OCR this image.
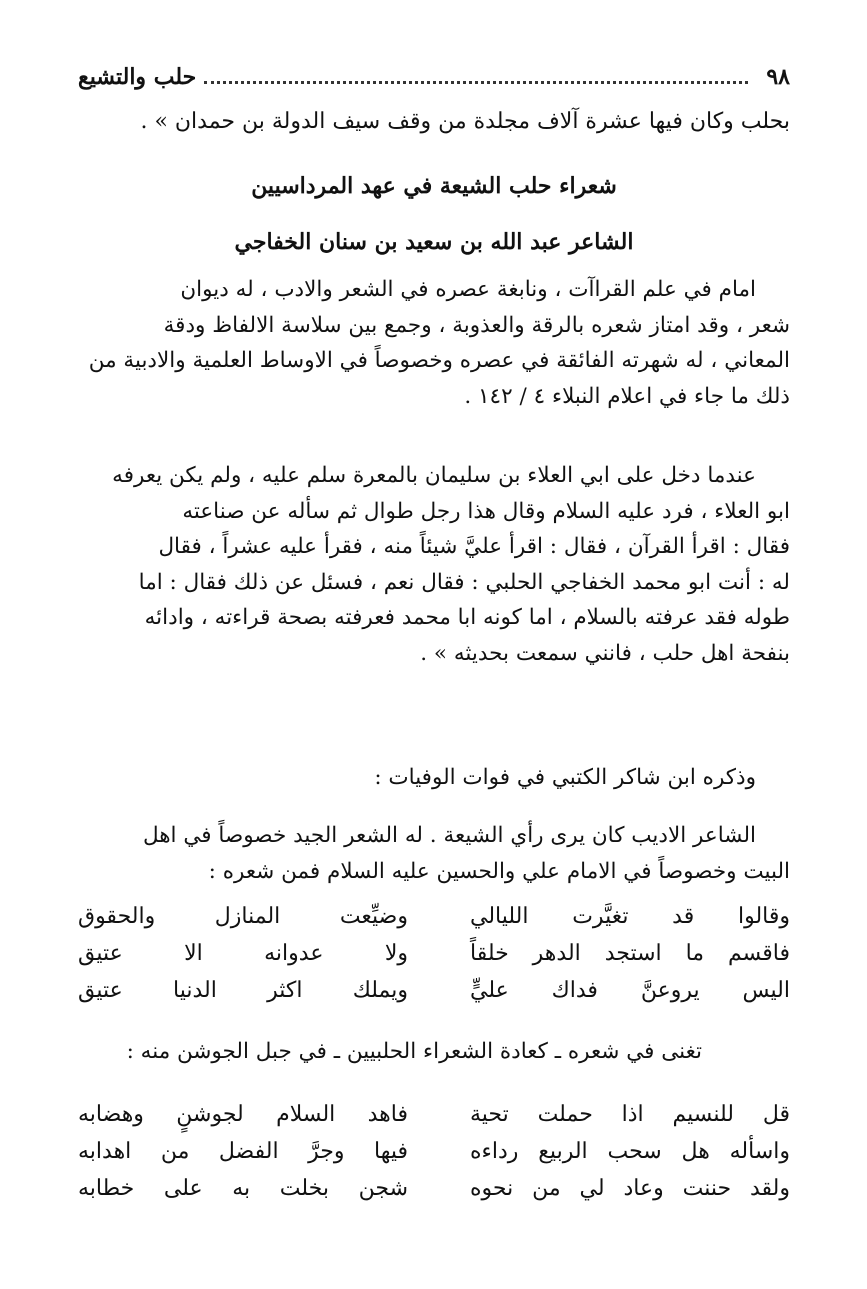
٩٨
حلب والتشيع
بحلب وكان فيها عشرة آلاف مجلدة من وقف سيف الدولة بن حمدان » .
شعراء حلب الشيعة في عهد المرداسيين
الشاعر عبد الله بن سعيد بن سنان الخفاجي
امام في علم القراآت ، ونابغة عصره في الشعر والادب ، له ديوان
شعر ، وقد امتاز شعره بالرقة والعذوبة ، وجمع بين سلاسة الالفاظ ودقة
المعاني ، له شهرته الفائقة في عصره وخصوصاً في الاوساط العلمية والادبية من
ذلك ما جاء في اعلام النبلاء ٤ / ١٤٢ .
عندما دخل على ابي العلاء بن سليمان بالمعرة سلم عليه ، ولم يكن يعرفه
ابو العلاء ، فرد عليه السلام وقال هذا رجل طوال ثم سأله عن صناعته
فقال : اقرأ القرآن ، فقال : اقرأ عليَّ شيئاً منه ، فقرأ عليه عشراً ، فقال
له : أنت ابو محمد الخفاجي الحلبي : فقال نعم ، فسئل عن ذلك فقال : اما
طوله فقد عرفته بالسلام ، اما كونه ابا محمد فعرفته بصحة قراءته ، وادائه
بنفحة اهل حلب ، فانني سمعت بحديثه » .
وذكره ابن شاكر الكتبي في فوات الوفيات :
الشاعر الاديب كان يرى رأي الشيعة . له الشعر الجيد خصوصاً في اهل
البيت وخصوصاً في الامام علي والحسين عليه السلام فمن شعره :
وقالوا قد تغيَّرت الليالي
وضيِّعت المنازل والحقوق
فاقسم ما استجد الدهر خلقاً
ولا عدوانه الا عتيق
اليس يروعنَّ فداك عليٍّ
ويملك اكثر الدنيا عتيق
تغنى في شعره ـ كعادة الشعراء الحلبيين ـ في جبل الجوشن منه :
قل للنسيم اذا حملت تحية
فاهد السلام لجوشنٍ وهضابه
واسأله هل سحب الربيع رداءه
فيها وجرَّ الفضل من اهدابه
ولقد حننت وعاد لي من نحوه
شجن بخلت به على خطابه
